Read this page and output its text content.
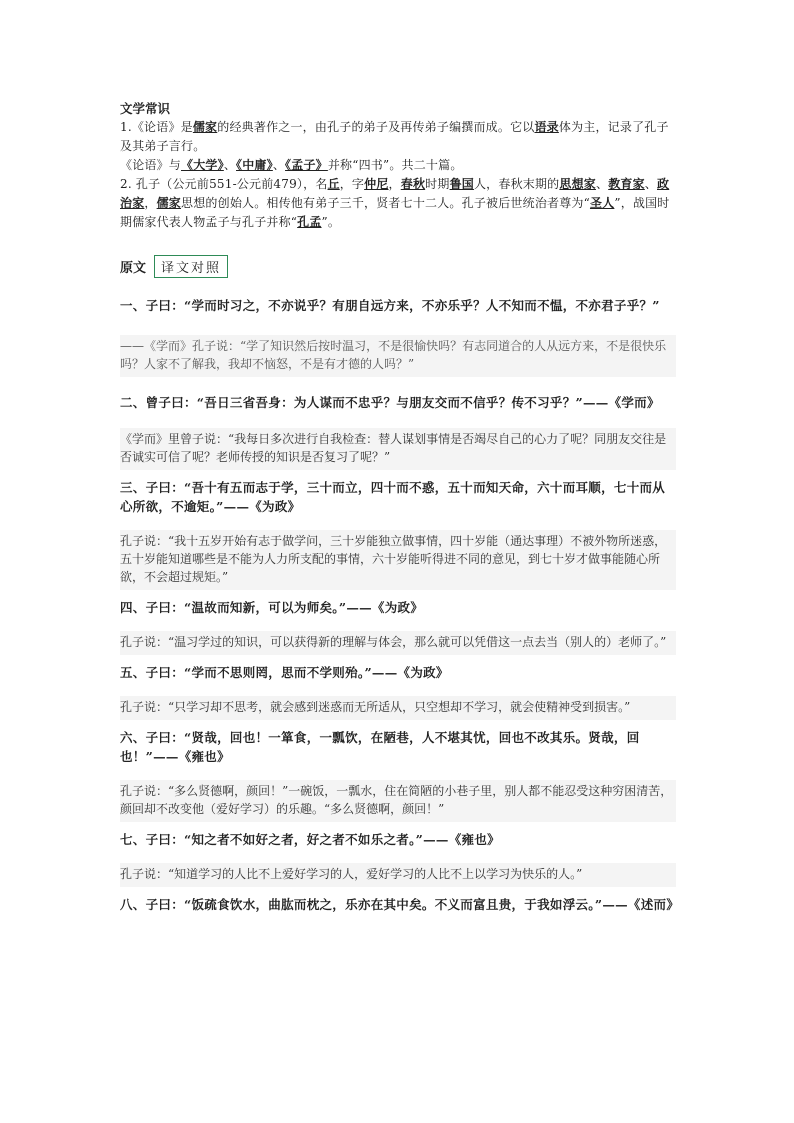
文学常识

1.《论语》是儒家的经典著作之一，由孔子的弟子及再传弟子编撰而成。它以语录体为主，记录了孔子及其弟子言行。

《论语》与《大学》、《中庸》、《孟子》并称“四书”。共二十篇。

2. 孔子（公元前551-公元前479），名丘，字仲尼，春秋时期鲁国人，春秋末期的思想家、教育家、政治家，儒家思想的创始人。相传他有弟子三千，贤者七十二人。孔子被后世统治者尊为“圣人”，战国时期儒家代表人物孟子与孔子并称“孔孟”。

原文	译文对照

一、子曰：“学而时习之，不亦说乎？有朋自远方来，不亦乐乎？人不知而不愠，不亦君子乎？”

——《学而》孔子说：“学了知识然后按时温习，不是很愉快吗？有志同道合的人从远方来，不是很快乐吗？人家不了解我，我却不恼怒，不是有才德的人吗？”

二、曾子曰：“吾日三省吾身：为人谋而不忠乎？与朋友交而不信乎？传不习乎？”——《学而》

《学而》里曾子说：“我每日多次进行自我检查：替人谋划事情是否竭尽自己的心力了呢？同朋友交往是否诚实可信了呢？老师传授的知识是否复习了呢？”

三、子曰：“吾十有五而志于学，三十而立，四十而不惑，五十而知天命，六十而耳顺，七十而从心所欲，不逾矩。”——《为政》

孔子说：“我十五岁开始有志于做学问，三十岁能独立做事情，四十岁能（通达事理）不被外物所迷惑，五十岁能知道哪些是不能为人力所支配的事情，六十岁能听得进不同的意见，到七十岁才做事能随心所欲，不会超过规矩。”

四、子曰：“温故而知新，可以为师矣。”——《为政》

孔子说：“温习学过的知识，可以获得新的理解与体会，那么就可以凭借这一点去当（别人的）老师了。”

五、子曰：“学而不思则罔，思而不学则殆。”——《为政》

孔子说：“只学习却不思考，就会感到迷惑而无所适从，只空想却不学习，就会使精神受到损害。”

六、子曰：“贤哉，回也！一箪食，一瓢饮，在陋巷，人不堪其忧，回也不改其乐。贤哉，回也！”——《雍也》

孔子说：“多么贤德啊，颜回！”一碗饭，一瓢水，住在简陋的小巷子里，别人都不能忍受这种穷困清苦，颜回却不改变他（爱好学习）的乐趣。“多么贤德啊，颜回！”

七、子曰：“知之者不如好之者，好之者不如乐之者。”——《雍也》

孔子说：“知道学习的人比不上爱好学习的人，爱好学习的人比不上以学习为快乐的人。”

八、子曰：“饭疏食饮水，曲肱而枕之，乐亦在其中矣。不义而富且贵，于我如浮云。”——《述而》
